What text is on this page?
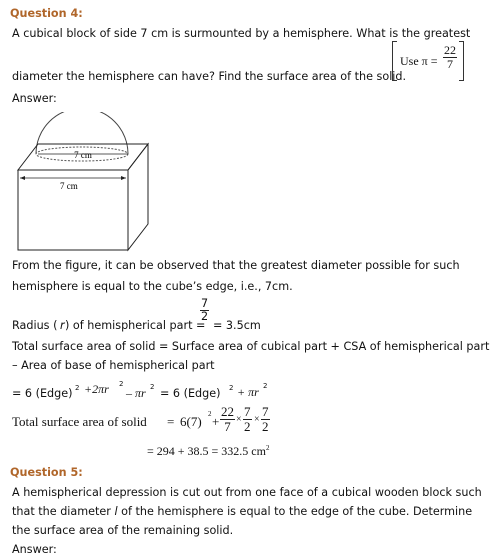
Question 4:
A cubical block of side 7 cm is surmounted by a hemisphere. What is the greatest
Use $\pi = \frac{22}{7}$
diameter the hemisphere can have? Find the surface area of the solid.
Answer:
7 cm
7 cm
From the figure, it can be observed that the greatest diameter possible for such
hemisphere is equal to the cube’s edge, i.e., 7cm.
Radius ( r ) of hemispherical part =
$\frac{7}{2}$
= 3.5cm
Total surface area of solid = Surface area of cubical part + CSA of hemispherical part
– Area of base of hemispherical part
= 6 (Edge) 2 +2πr 2
– πr 2 = 6 (Edge) 2 + πr 2
Total surface area of solid = 6(7) $2 + \frac{22}{7} \times \frac{7}{2} \times \frac{7}{2}$
= 294 + 38.5 = 332.5 $cm^2$
Question 5:
A hemispherical depression is cut out from one face of a cubical wooden block such
that the diameter l of the hemisphere is equal to the edge of the cube. Determine
the surface area of the remaining solid.
Answer:
